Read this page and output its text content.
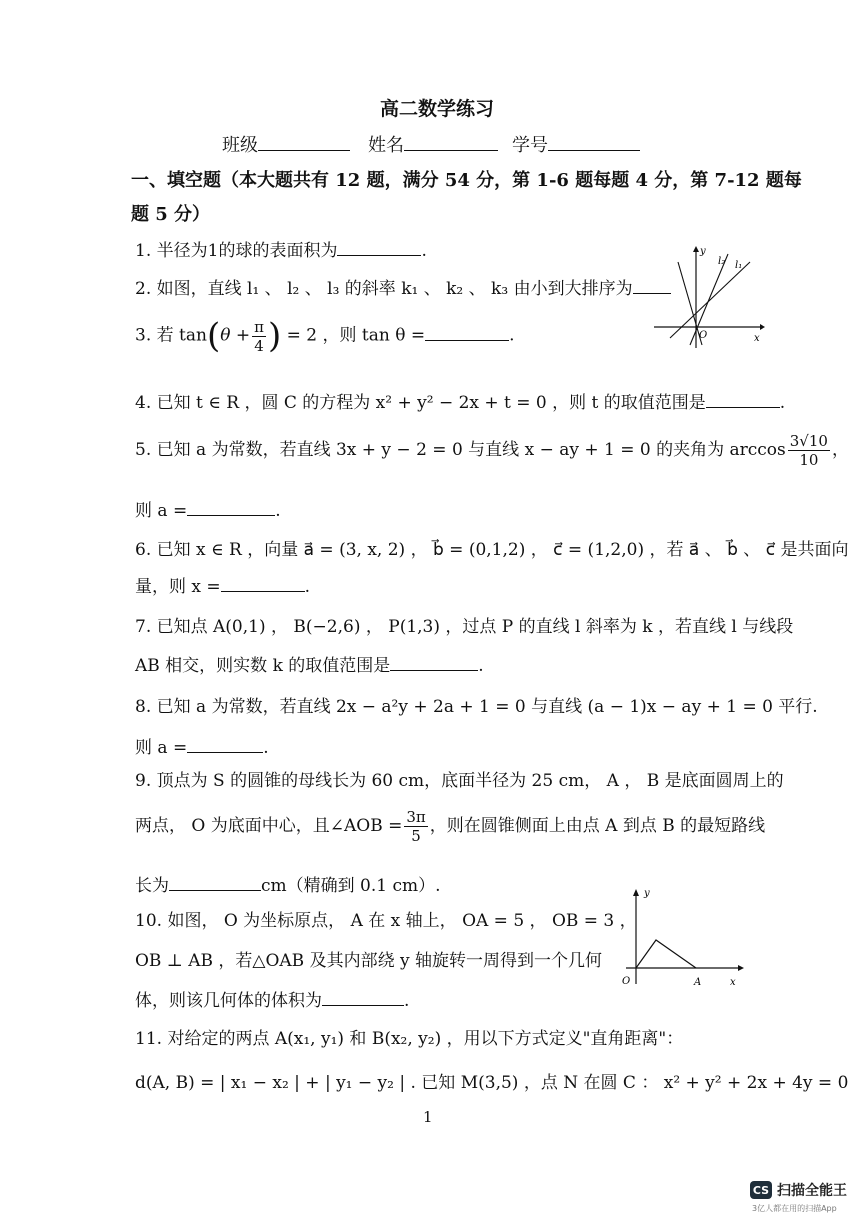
高二数学练习
班级	姓名	学号
一、填空题（本大题共有 12 题，满分 54 分，第 1-6 题每题 4 分，第 7-12 题每
题 5 分）
1. 半径为1的球的表面积为	.
2. 如图，直线 l₁ 、 l₂ 、 l₃ 的斜率 k₁ 、 k₂ 、 k₃ 由小到大排序为
y
x
O
l₁
l₂
3. 若 $\tan(\theta + \frac{\pi}{4}$ ) = 2 ，则 tan θ =	.
4. 已知 t ∈ R ，圆 C 的方程为 x² + y² − 2x + t = 0 ，则 t 的取值范围是	.
5. 已知 a 为常数，若直线 3x + y − 2 = 0 与直线 x − ay + 1 = 0 的夹角为 $\arccos \frac{3√10}{10}$ ，
则 a =	.
6. 已知 x ∈ R ，向量 a⃗ = (3, x, 2) ， b⃗ = (0,1,2) ， c⃗ = (1,2,0) ，若 a⃗ 、 b⃗ 、 c⃗ 是共面向
量，则 x =	.
7. 已知点 A(0,1) ， B(−2,6) ， P(1,3) ，过点 P 的直线 l 斜率为 k ，若直线 l 与线段
AB 相交，则实数 k 的取值范围是	.
8. 已知 a 为常数，若直线 2x − a²y + 2a + 1 = 0 与直线 (a − 1)x − ay + 1 = 0 平行.
则 a =	.
9. 顶点为 S 的圆锥的母线长为 60 cm，底面半径为 25 cm， A ， B 是底面圆周上的
两点， O 为底面中心，且∠AOB = $\frac{3\pi}{5}$ ，则在圆锥侧面上由点 A 到点 B 的最短路线
长为	cm（精确到 0.1 cm）.
10. 如图， O 为坐标原点， A 在 x 轴上， OA = 5 ， OB = 3 ，
OB ⊥ AB ，若△OAB 及其内部绕 y 轴旋转一周得到一个几何
体，则该几何体的体积为	.
y
x
O	A
11. 对给定的两点 A(x₁, y₁) 和 B(x₂, y₂) ，用以下方式定义"直角距离"：
d(A, B) = | x₁ − x₂ | + | y₁ − y₂ | . 已知 M(3,5) ，点 N 在圆 C ： x² + y² + 2x + 4y = 0
1
CS 扫描全能王
3亿人都在用的扫描App
